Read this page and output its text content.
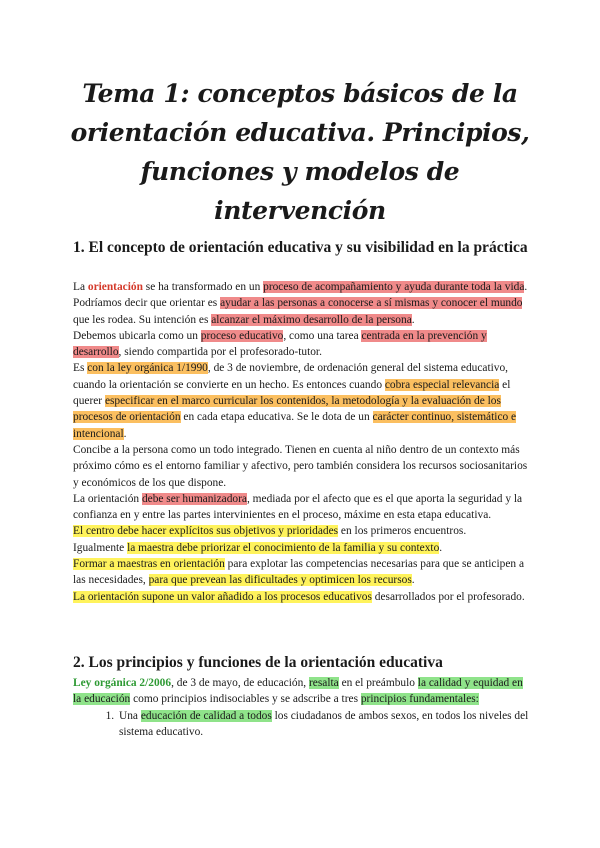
Tema 1: conceptos básicos de la
orientación educativa. Principios,
funciones y modelos de intervención
1. El concepto de orientación educativa y su visibilidad en la práctica

La orientación se ha transformado en un proceso de acompañamiento y ayuda durante toda la vida. Podríamos decir que orientar es ayudar a las personas a conocerse a sí mismas y conocer el mundo que les rodea. Su intención es alcanzar el máximo desarrollo de la persona.

Debemos ubicarla como un proceso educativo, como una tarea centrada en la prevención y desarrollo, siendo compartida por el profesorado-tutor.

Es con la ley orgánica 1/1990, de 3 de noviembre, de ordenación general del sistema educativo, cuando la orientación se convierte en un hecho. Es entonces cuando cobra especial relevancia el querer especificar en el marco curricular los contenidos, la metodología y la evaluación de los procesos de orientación en cada etapa educativa. Se le dota de un carácter continuo, sistemático e intencional.

Concibe a la persona como un todo integrado. Tienen en cuenta al niño dentro de un contexto más próximo cómo es el entorno familiar y afectivo, pero también considera los recursos sociosanitarios y económicos de los que dispone.

La orientación debe ser humanizadora, mediada por el afecto que es el que aporta la seguridad y la confianza en y entre las partes intervinientes en el proceso, máxime en esta etapa educativa.

El centro debe hacer explícitos sus objetivos y prioridades en los primeros encuentros.

Igualmente la maestra debe priorizar el conocimiento de la familia y su contexto.

Formar a maestras en orientación para explotar las competencias necesarias para que se anticipen a las necesidades, para que prevean las dificultades y optimicen los recursos.

La orientación supone un valor añadido a los procesos educativos desarrollados por el profesorado.

2. Los principios y funciones de la orientación educativa

Ley orgánica 2/2006, de 3 de mayo, de educación, resalta en el preámbulo la calidad y equidad en la educación como principios indisociables y se adscribe a tres principios fundamentales:

1. Una educación de calidad a todos los ciudadanos de ambos sexos, en todos los niveles del sistema educativo.
